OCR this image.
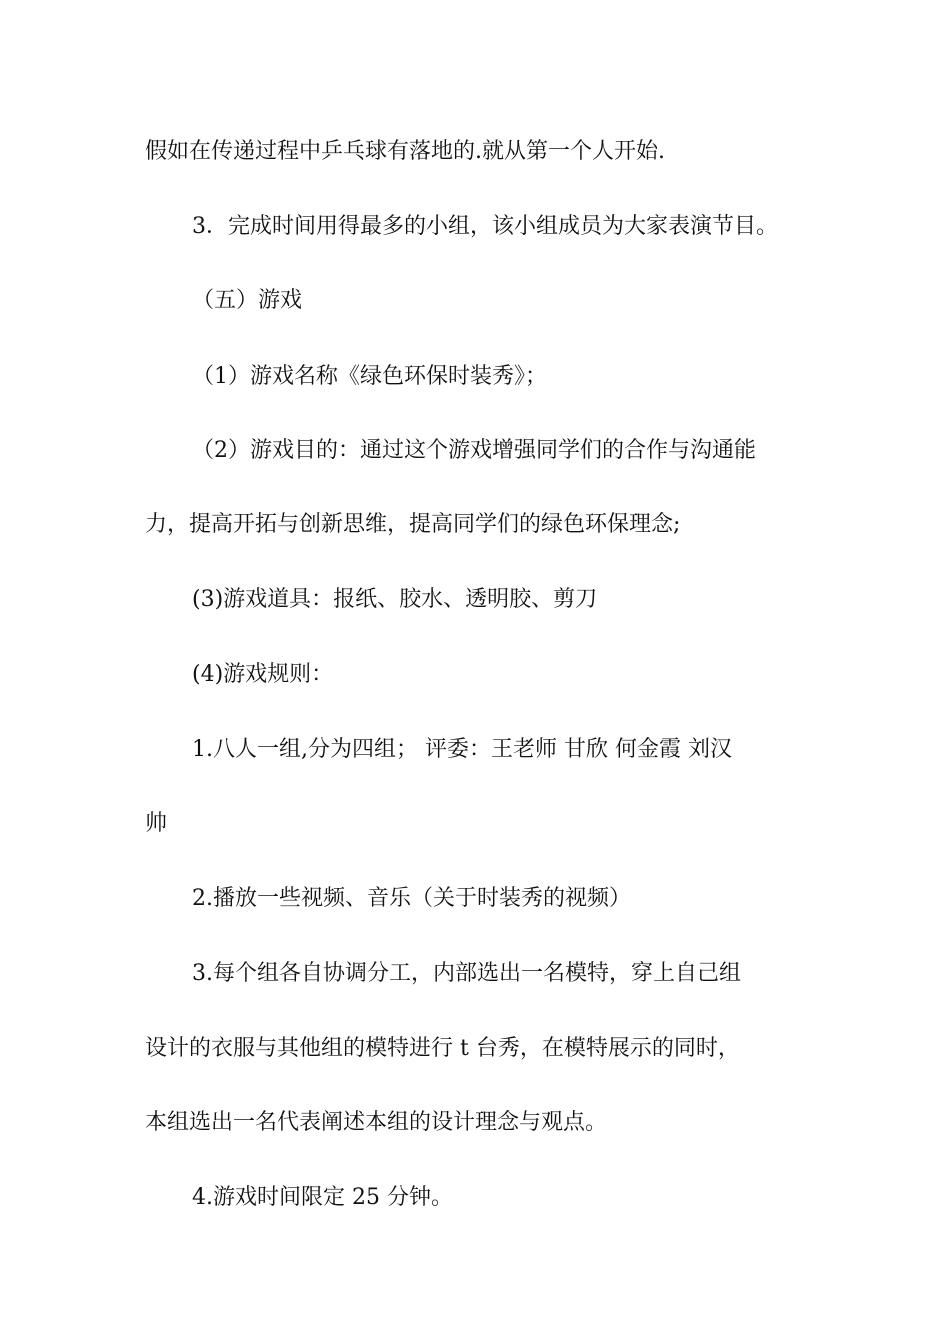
假如在传递过程中乒乓球有落地的.就从第一个人开始.
3．完成时间用得最多的小组，该小组成员为大家表演节目。
（五）游戏
（1）游戏名称《绿色环保时装秀》；
（2）游戏目的：通过这个游戏增强同学们的合作与沟通能
力，提高开拓与创新思维，提高同学们的绿色环保理念;
(3)游戏道具：报纸、胶水、透明胶、剪刀
(4)游戏规则：
1.八人一组,分为四组； 评委：王老师 甘欣 何金霞 刘汉
帅
2.播放一些视频、音乐（关于时装秀的视频）
3.每个组各自协调分工，内部选出一名模特，穿上自己组
设计的衣服与其他组的模特进行 t 台秀，在模特展示的同时，
本组选出一名代表阐述本组的设计理念与观点。
4.游戏时间限定 25 分钟。
